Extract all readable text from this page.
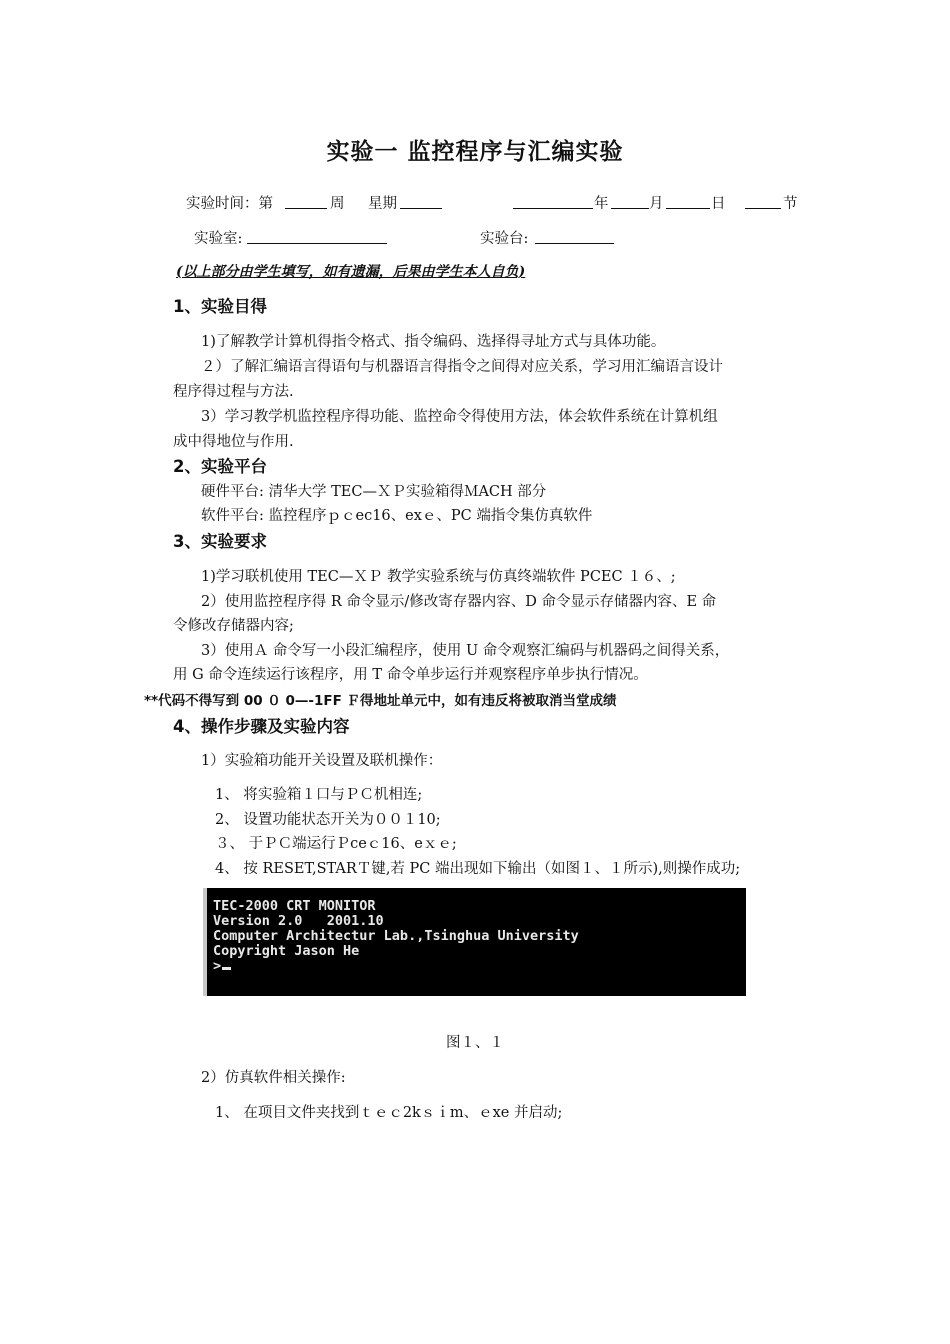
实验一 监控程序与汇编实验
实验时间：第	周 星期	年	月	日	节
实验室:	实验台:
(以上部分由学生填写，如有遗漏，后果由学生本人自负)
1、实验目得
1)了解教学计算机得指令格式、指令编码、选择得寻址方式与具体功能。
２）了解汇编语言得语句与机器语言得指令之间得对应关系，学习用汇编语言设计
程序得过程与方法.
3）学习教学机监控程序得功能、监控命令得使用方法，体会软件系统在计算机组
成中得地位与作用.
2、实验平台
硬件平台: 清华大学 TEC—ＸＰ实验箱得ＭACH 部分
软件平台: 监控程序ｐｃec16、exｅ、PC 端指令集仿真软件
3、实验要求
1)学习联机使用 TEC—ＸＰ 教学实验系统与仿真终端软件 PCEC １６、;
2）使用监控程序得 R 命令显示/修改寄存器内容、D 命令显示存储器内容、E 命
令修改存储器内容;
3）使用Ａ 命令写一小段汇编程序，使用 U 命令观察汇编码与机器码之间得关系，
用 G 命令连续运行该程序，用 T 命令单步运行并观察程序单步执行情况。
**代码不得写到 00 ０ 0—-1FF Ｆ得地址单元中，如有违反将被取消当堂成绩
4、操作步骤及实验内容
1）实验箱功能开关设置及联机操作：
1、 将实验箱１口与ＰＣ机相连;
2、 设置功能状态开关为００１10;
３、 于ＰＣ端运行Ｐceｃ16、eｘｅ;
4、 按 RESET,STARＴ键,若 PC 端出现如下输出（如图１、１所示),则操作成功;
TEC-2000 CRT MONITOR
Version 2.0   2001.10
Computer Architectur Lab.,Tsinghua University
Copyright Jason He
>
图１、１
2）仿真软件相关操作:
1、 在项目文件夹找到ｔｅｃ2kｓｉm、ｅxe 并启动;
